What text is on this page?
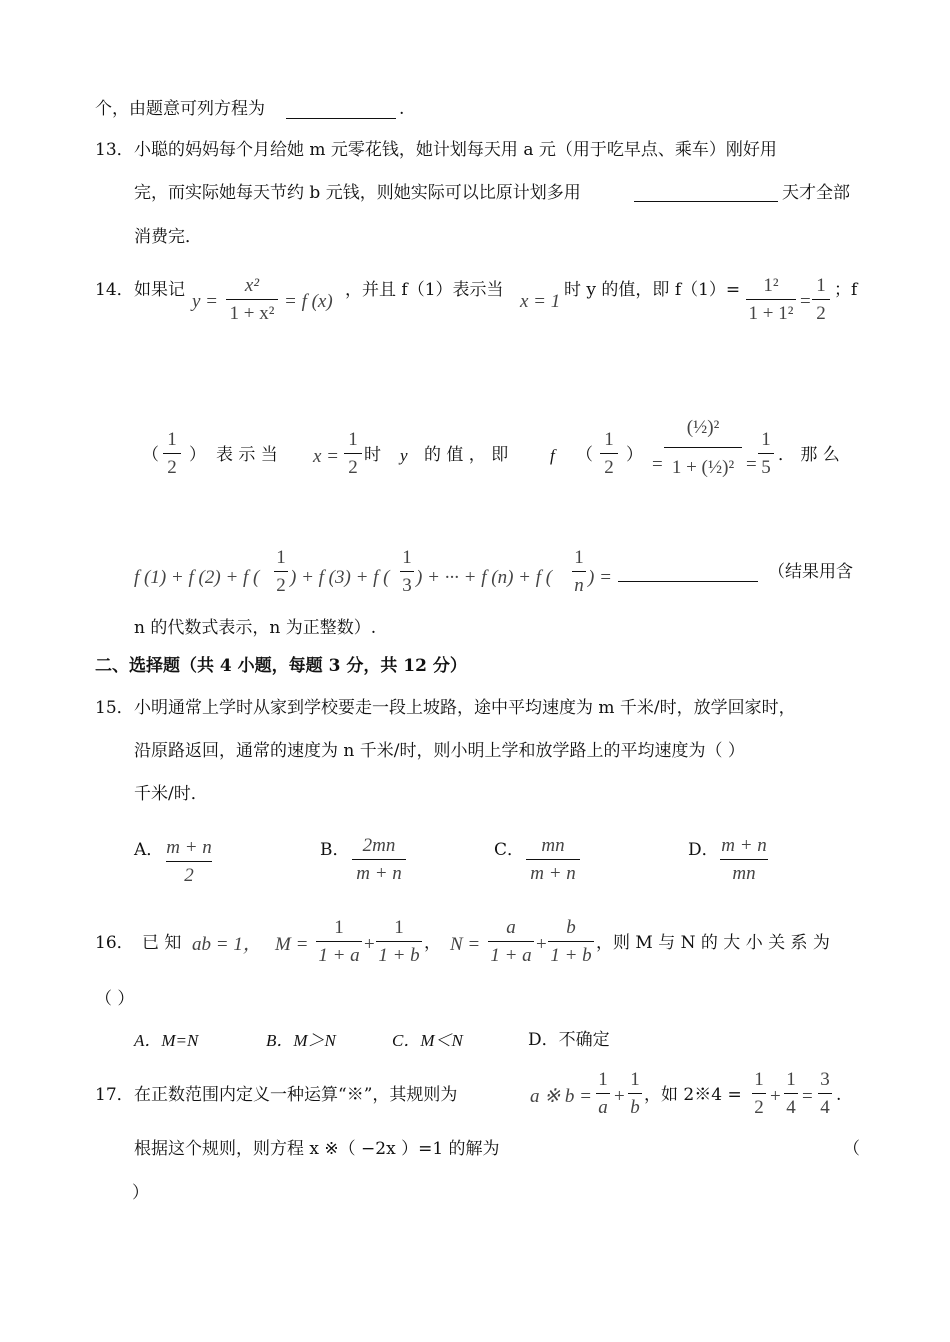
个，由题意可列方程为	.
13． 小聪的妈妈每个月给她 m 元零花钱，她计划每天用 a 元（用于吃早点、乘车）刚好用
完，而实际她每天节约 b 元钱，则她实际可以比原计划多用	天才全部
消费完．
14． 如果记
y =
x²
1 + x²
= f (x)
，并且 f（1）表示当
x = 1
时 y 的值，即 f（1）=	1²
1 + 1²
=
1
2
；f
（
1
2
） 表 示 当 x =
1
2
时 y 的 值 ， 即 f （
1
2
） =
(½)²
1 + (½)² =
1
5
． 那 么
f (1) + f (2) + f (
1
2 ) + f (3) + f (
1
3 ) + ··· + f (n) + f (
1
n ) =	（结果用含
n 的代数式表示，n 为正整数）.
二、选择题（共 4 小题，每题 3 分，共 12 分）
15． 小明通常上学时从家到学校要走一段上坡路，途中平均速度为 m 千米/时，放学回家时，
沿原路返回，通常的速度为 n 千米/时，则小明上学和放学路上的平均速度为（ ）
千米/时．
A． m + n
2
B． 2mn
m + n
C． mn
m + n
D． m + n
mn
16． 已 知 ab = 1， M =
1
1 + a
+
1
1 + b
， N =
a
1 + a
+
b
1 + b
，则 M 与 N 的 大 小 关 系 为
（ ）
A．M=N	B．M＞N	C．M＜N	D．不确定
17． 在正数范围内定义一种运算“※”，其规则为	a ※ b =
1
a
+
1
b
，如 2※4 =
1
2
+
1
4
=
3
4
.
根据这个规则，则方程 x ※（ −2x ）=1 的解为	（
）
